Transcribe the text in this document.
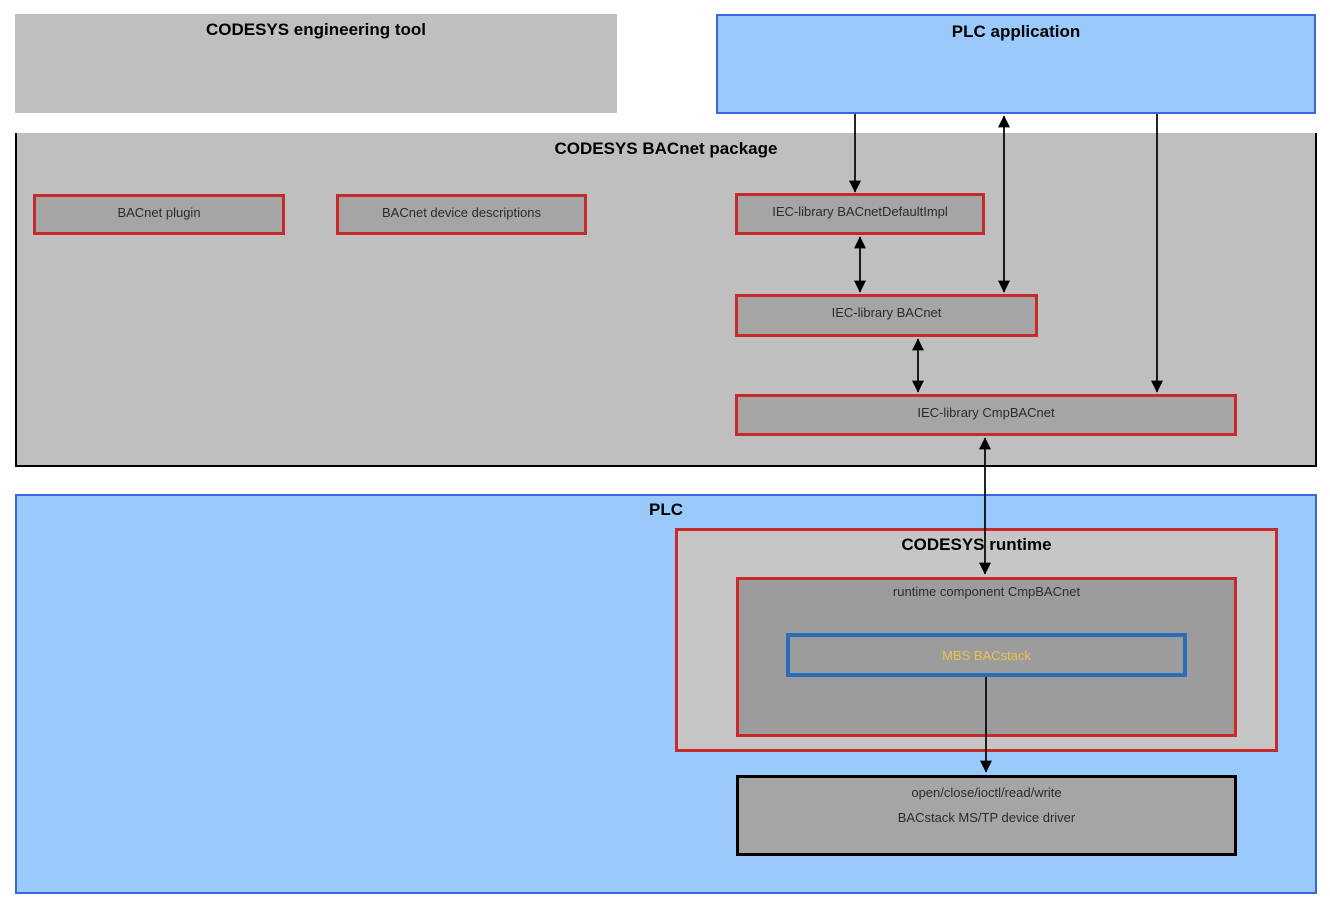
CODESYS engineering tool	PLC application
CODESYS BACnet package
BACnet plugin	BACnet device descriptions	IEC-library BACnetDefaultImpl
IEC-library BACnet
IEC-library CmpBACnet
PLC
CODESYS runtime
runtime component CmpBACnet
MBS BACstack
open/close/ioctl/read/write
BACstack MS/TP device driver
